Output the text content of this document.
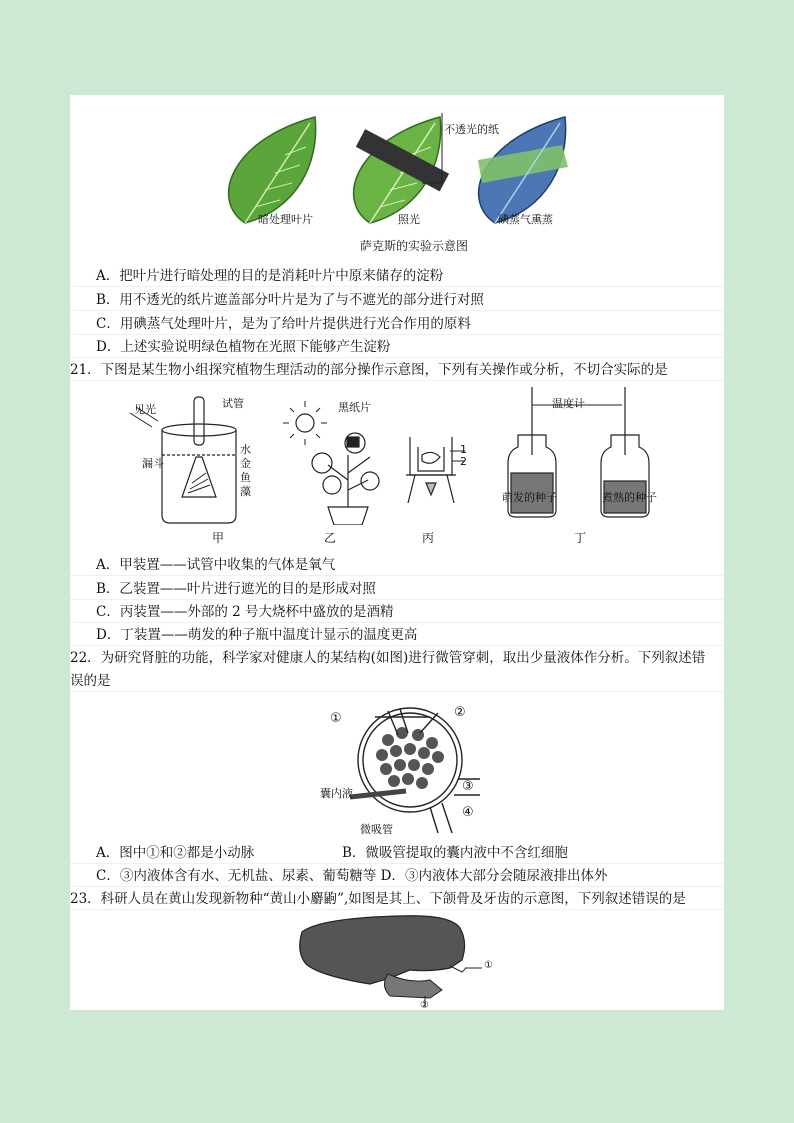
不透光的纸
暗处理叶片	照光	碘蒸气熏蒸
萨克斯的实验示意图
A．把叶片进行暗处理的目的是消耗叶片中原来储存的淀粉
B．用不透光的纸片遮盖部分叶片是为了与不遮光的部分进行对照
C．用碘蒸气处理叶片，是为了给叶片提供进行光合作用的原料
D．上述实验说明绿色植物在光照下能够产生淀粉
21．下图是某生物小组探究植物生理活动的部分操作示意图，下列有关操作或分析，不切合实际的是
见光	试管
水
漏斗	金鱼藻
黑纸片
1
2
温度计
萌发的种子	煮熟的种子
甲	乙	丙	丁
A．甲装置——试管中收集的气体是氧气
B．乙装置——叶片进行遮光的目的是形成对照
C．丙装置——外部的 2 号大烧杯中盛放的是酒精
D．丁装置——萌发的种子瓶中温度计显示的温度更高
22．为研究肾脏的功能，科学家对健康人的某结构(如图)进行微管穿刺，取出少量液体作分析。下列叙述错
误的是
①	②
③
④
囊内液
微吸管
A．图中①和②都是小动脉	B．微吸管提取的囊内液中不含红细胞
C．③内液体含有水、无机盐、尿素、葡萄糖等 D．③内液体大部分会随尿液排出体外
23．科研人员在黄山发现新物种“黄山小麝鼩”,如图是其上、下颌骨及牙齿的示意图，下列叙述错误的是
①
②
